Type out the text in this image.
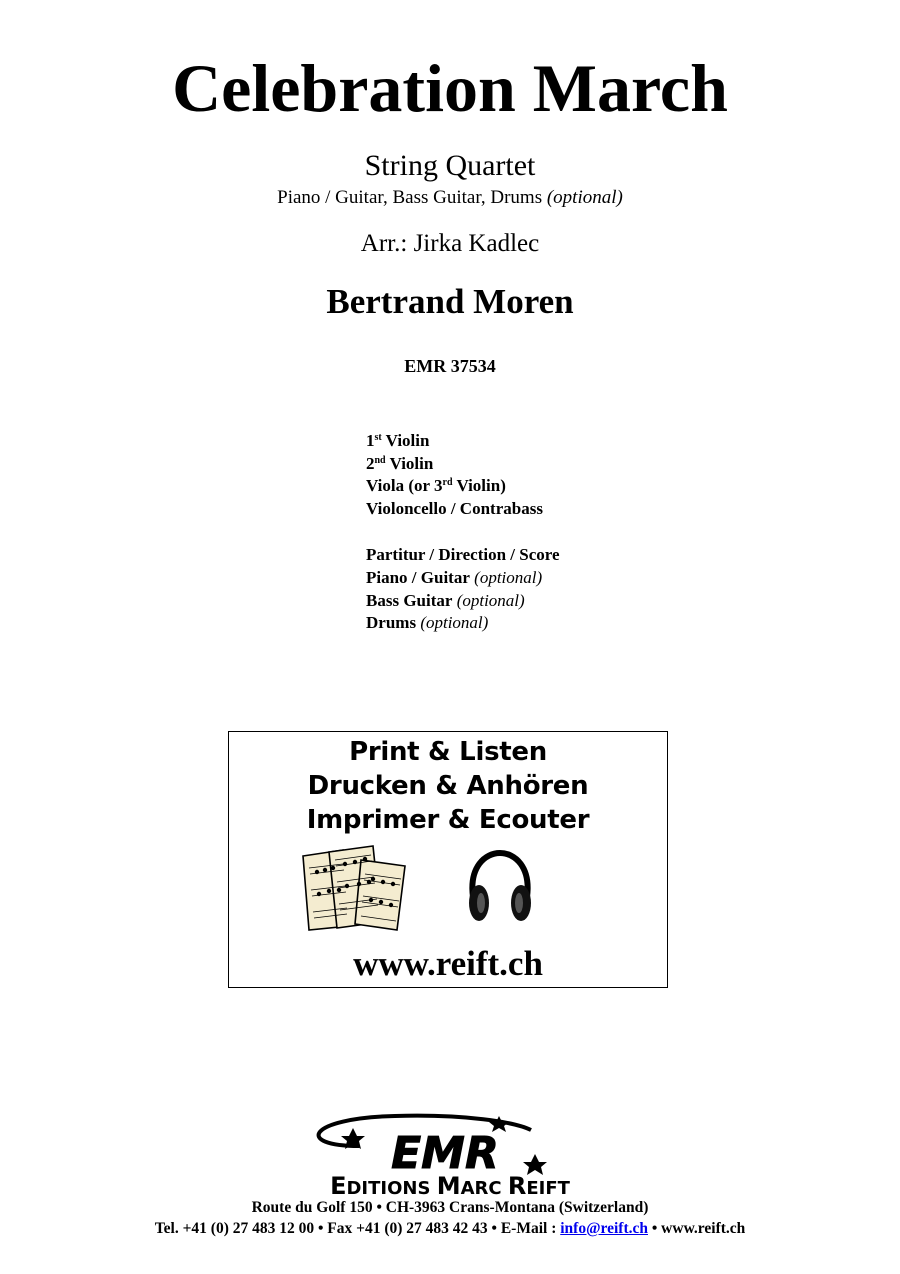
Celebration March
String Quartet
Piano / Guitar, Bass Guitar, Drums (optional)
Arr.: Jirka Kadlec
Bertrand Moren
EMR 37534
1st Violin
2nd Violin
Viola (or 3rd Violin)
Violoncello / Contrabass
Partitur / Direction / Score
Piano / Guitar (optional)
Bass Guitar (optional)
Drums (optional)
Print & Listen
Drucken & Anhören
Imprimer & Ecouter
www.reift.ch
EMR
EDITIONS MARC REIFT
Route du Golf 150 • CH-3963 Crans-Montana (Switzerland)
Tel. +41 (0) 27 483 12 00 • Fax +41 (0) 27 483 42 43 • E-Mail : info@reift.ch • www.reift.ch
